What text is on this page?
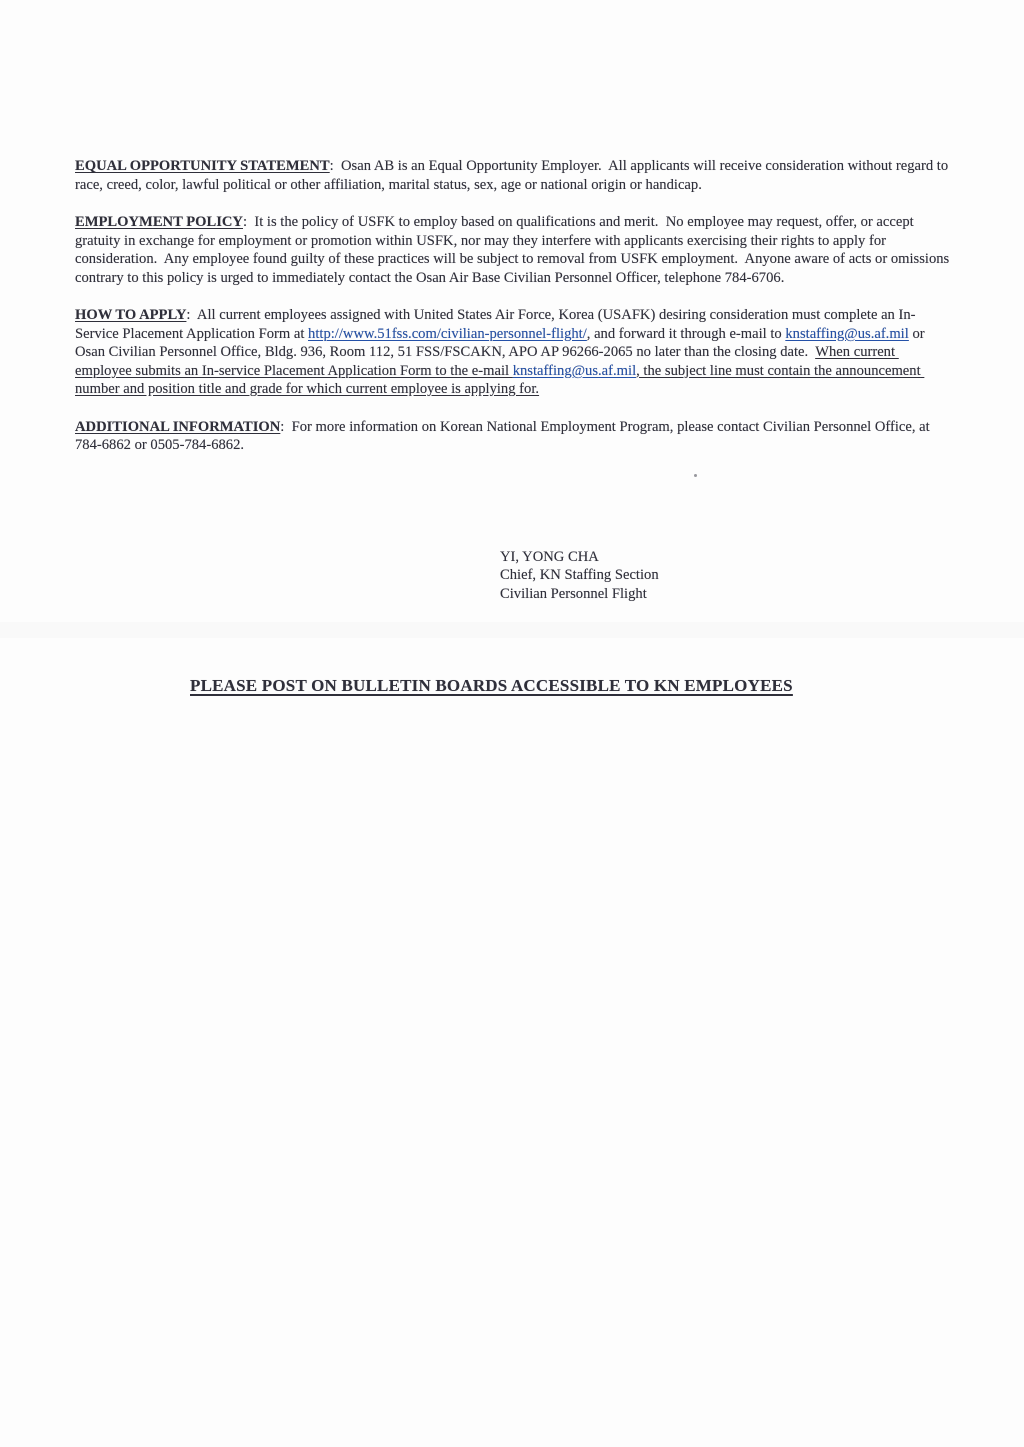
EQUAL OPPORTUNITY STATEMENT:  Osan AB is an Equal Opportunity Employer.  All applicants will receive consideration without regard to race, creed, color, lawful political or other affiliation, marital status, sex, age or national origin or handicap.

EMPLOYMENT POLICY:  It is the policy of USFK to employ based on qualifications and merit.  No employee may request, offer, or accept gratuity in exchange for employment or promotion within USFK, nor may they interfere with applicants exercising their rights to apply for consideration.  Any employee found guilty of these practices will be subject to removal from USFK employment.  Anyone aware of acts or omissions contrary to this policy is urged to immediately contact the Osan Air Base Civilian Personnel Officer, telephone 784-6706.

HOW TO APPLY:  All current employees assigned with United States Air Force, Korea (USAFK) desiring consideration must complete an In-Service Placement Application Form at http://www.51fss.com/civilian-personnel-flight/, and forward it through e-mail to knstaffing@us.af.mil or Osan Civilian Personnel Office, Bldg. 936, Room 112, 51 FSS/FSCAKN, APO AP 96266-2065 no later than the closing date.  When current employee submits an In-service Placement Application Form to the e-mail knstaffing@us.af.mil, the subject line must contain the announcement number and position title and grade for which current employee is applying for.

ADDITIONAL INFORMATION:  For more information on Korean National Employment Program, please contact Civilian Personnel Office, at 784-6862 or 0505-784-6862.

YI, YONG CHA
Chief, KN Staffing Section
Civilian Personnel Flight
PLEASE POST ON BULLETIN BOARDS ACCESSIBLE TO KN EMPLOYEES
